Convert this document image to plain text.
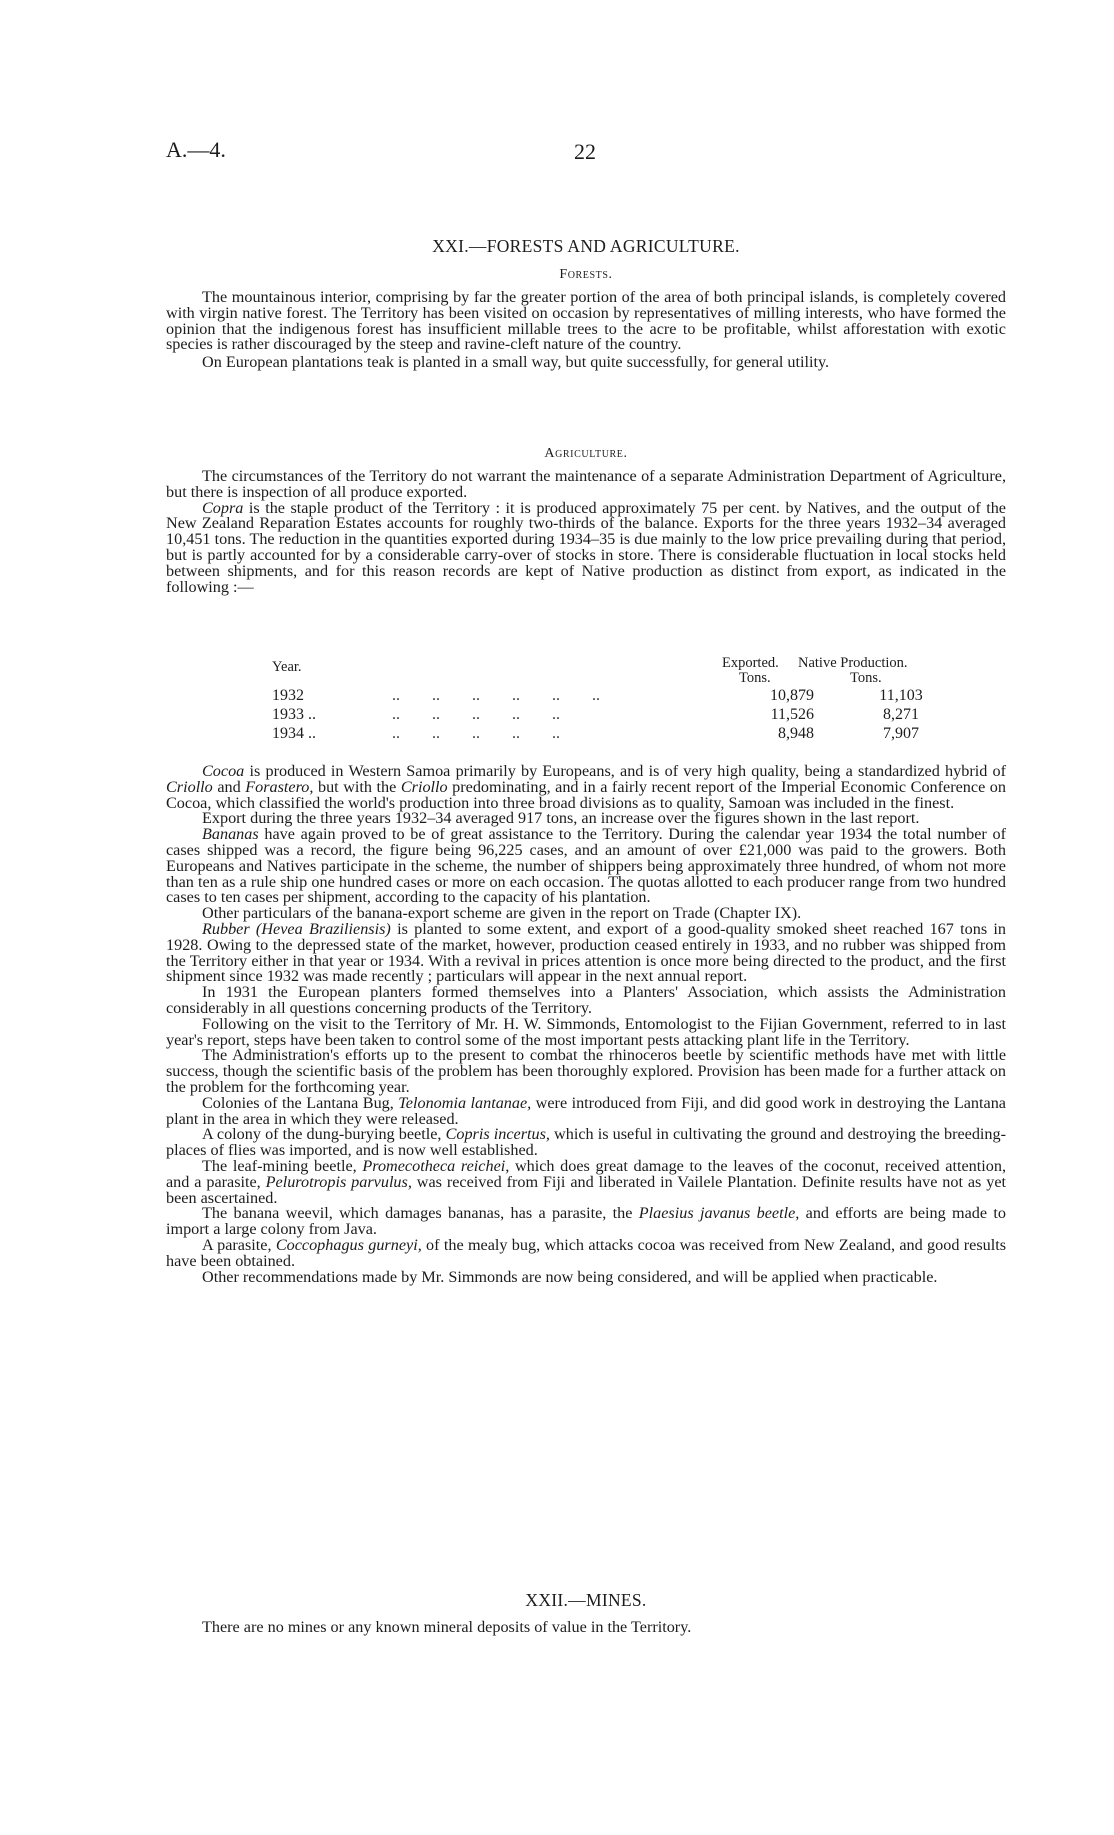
A.—4.	22
XXI.—FORESTS AND AGRICULTURE.
Forests.

The mountainous interior, comprising by far the greater portion of the area of both principal islands, is completely covered with virgin native forest. The Territory has been visited on occasion by representatives of milling interests, who have formed the opinion that the indigenous forest has insufficient millable trees to the acre to be profitable, whilst afforestation with exotic species is rather discouraged by the steep and ravine-cleft nature of the country.

On European plantations teak is planted in a small way, but quite successfully, for general utility.

Agriculture.

The circumstances of the Territory do not warrant the maintenance of a separate Administration Department of Agriculture, but there is inspection of all produce exported.

Copra is the staple product of the Territory : it is produced approximately 75 per cent. by Natives, and the output of the New Zealand Reparation Estates accounts for roughly two-thirds of the balance. Exports for the three years 1932–34 averaged 10,451 tons. The reduction in the quantities exported during 1934–35 is due mainly to the low price prevailing during that period, but is partly accounted for by a considerable carry-over of stocks in store. There is considerable fluctuation in local stocks held between shipments, and for this reason records are kept of Native production as distinct from export, as indicated in the following :—

Year.	Exported. Native Production.
Tons.	Tons.
1932	..        ..        ..        ..        ..        ..	10,879	11,103
1933 ..	..        ..        ..        ..        ..	11,526	8,271
1934 ..	..        ..        ..        ..        ..	8,948	7,907

Cocoa is produced in Western Samoa primarily by Europeans, and is of very high quality, being a standardized hybrid of Criollo and Forastero, but with the Criollo predominating, and in a fairly recent report of the Imperial Economic Conference on Cocoa, which classified the world's production into three broad divisions as to quality, Samoan was included in the finest.

Export during the three years 1932–34 averaged 917 tons, an increase over the figures shown in the last report.

Bananas have again proved to be of great assistance to the Territory. During the calendar year 1934 the total number of cases shipped was a record, the figure being 96,225 cases, and an amount of over £21,000 was paid to the growers. Both Europeans and Natives participate in the scheme, the number of shippers being approximately three hundred, of whom not more than ten as a rule ship one hundred cases or more on each occasion. The quotas allotted to each producer range from two hundred cases to ten cases per shipment, according to the capacity of his plantation.

Other particulars of the banana-export scheme are given in the report on Trade (Chapter IX).

Rubber (Hevea Braziliensis) is planted to some extent, and export of a good-quality smoked sheet reached 167 tons in 1928. Owing to the depressed state of the market, however, production ceased entirely in 1933, and no rubber was shipped from the Territory either in that year or 1934. With a revival in prices attention is once more being directed to the product, and the first shipment since 1932 was made recently ; particulars will appear in the next annual report.

In 1931 the European planters formed themselves into a Planters' Association, which assists the Administration considerably in all questions concerning products of the Territory.

Following on the visit to the Territory of Mr. H. W. Simmonds, Entomologist to the Fijian Government, referred to in last year's report, steps have been taken to control some of the most important pests attacking plant life in the Territory.

The Administration's efforts up to the present to combat the rhinoceros beetle by scientific methods have met with little success, though the scientific basis of the problem has been thoroughly explored. Provision has been made for a further attack on the problem for the forthcoming year.

Colonies of the Lantana Bug, Telonomia lantanae, were introduced from Fiji, and did good work in destroying the Lantana plant in the area in which they were released.

A colony of the dung-burying beetle, Copris incertus, which is useful in cultivating the ground and destroying the breeding-places of flies was imported, and is now well established.

The leaf-mining beetle, Promecotheca reichei, which does great damage to the leaves of the coconut, received attention, and a parasite, Pelurotropis parvulus, was received from Fiji and liberated in Vailele Plantation. Definite results have not as yet been ascertained.

The banana weevil, which damages bananas, has a parasite, the Plaesius javanus beetle, and efforts are being made to import a large colony from Java.

A parasite, Coccophagus gurneyi, of the mealy bug, which attacks cocoa was received from New Zealand, and good results have been obtained.

Other recommendations made by Mr. Simmonds are now being considered, and will be applied when practicable.

XXII.—MINES.

There are no mines or any known mineral deposits of value in the Territory.
